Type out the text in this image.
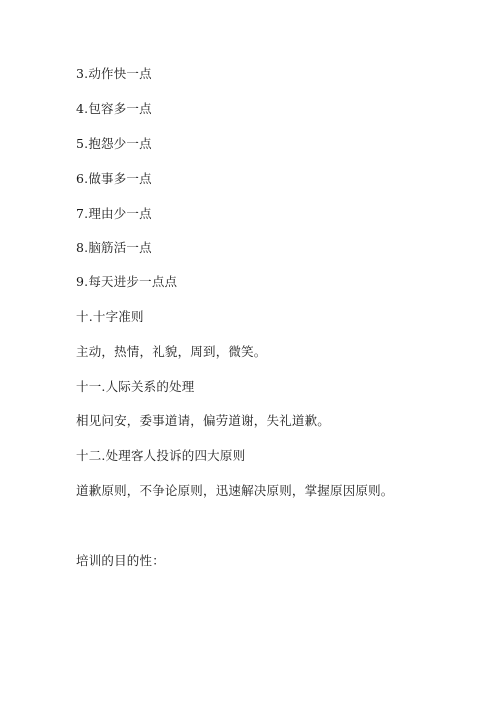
3.动作快一点
4.包容多一点
5.抱怨少一点
6.做事多一点
7.理由少一点
8.脑筋活一点
9.每天进步一点点
十.十字准则
主动，热情，礼貌，周到，微笑。
十一.人际关系的处理
相见问安，委事道请，偏劳道谢，失礼道歉。
十二.处理客人投诉的四大原则
道歉原则，不争论原则，迅速解决原则，掌握原因原则。
培训的目的性：
